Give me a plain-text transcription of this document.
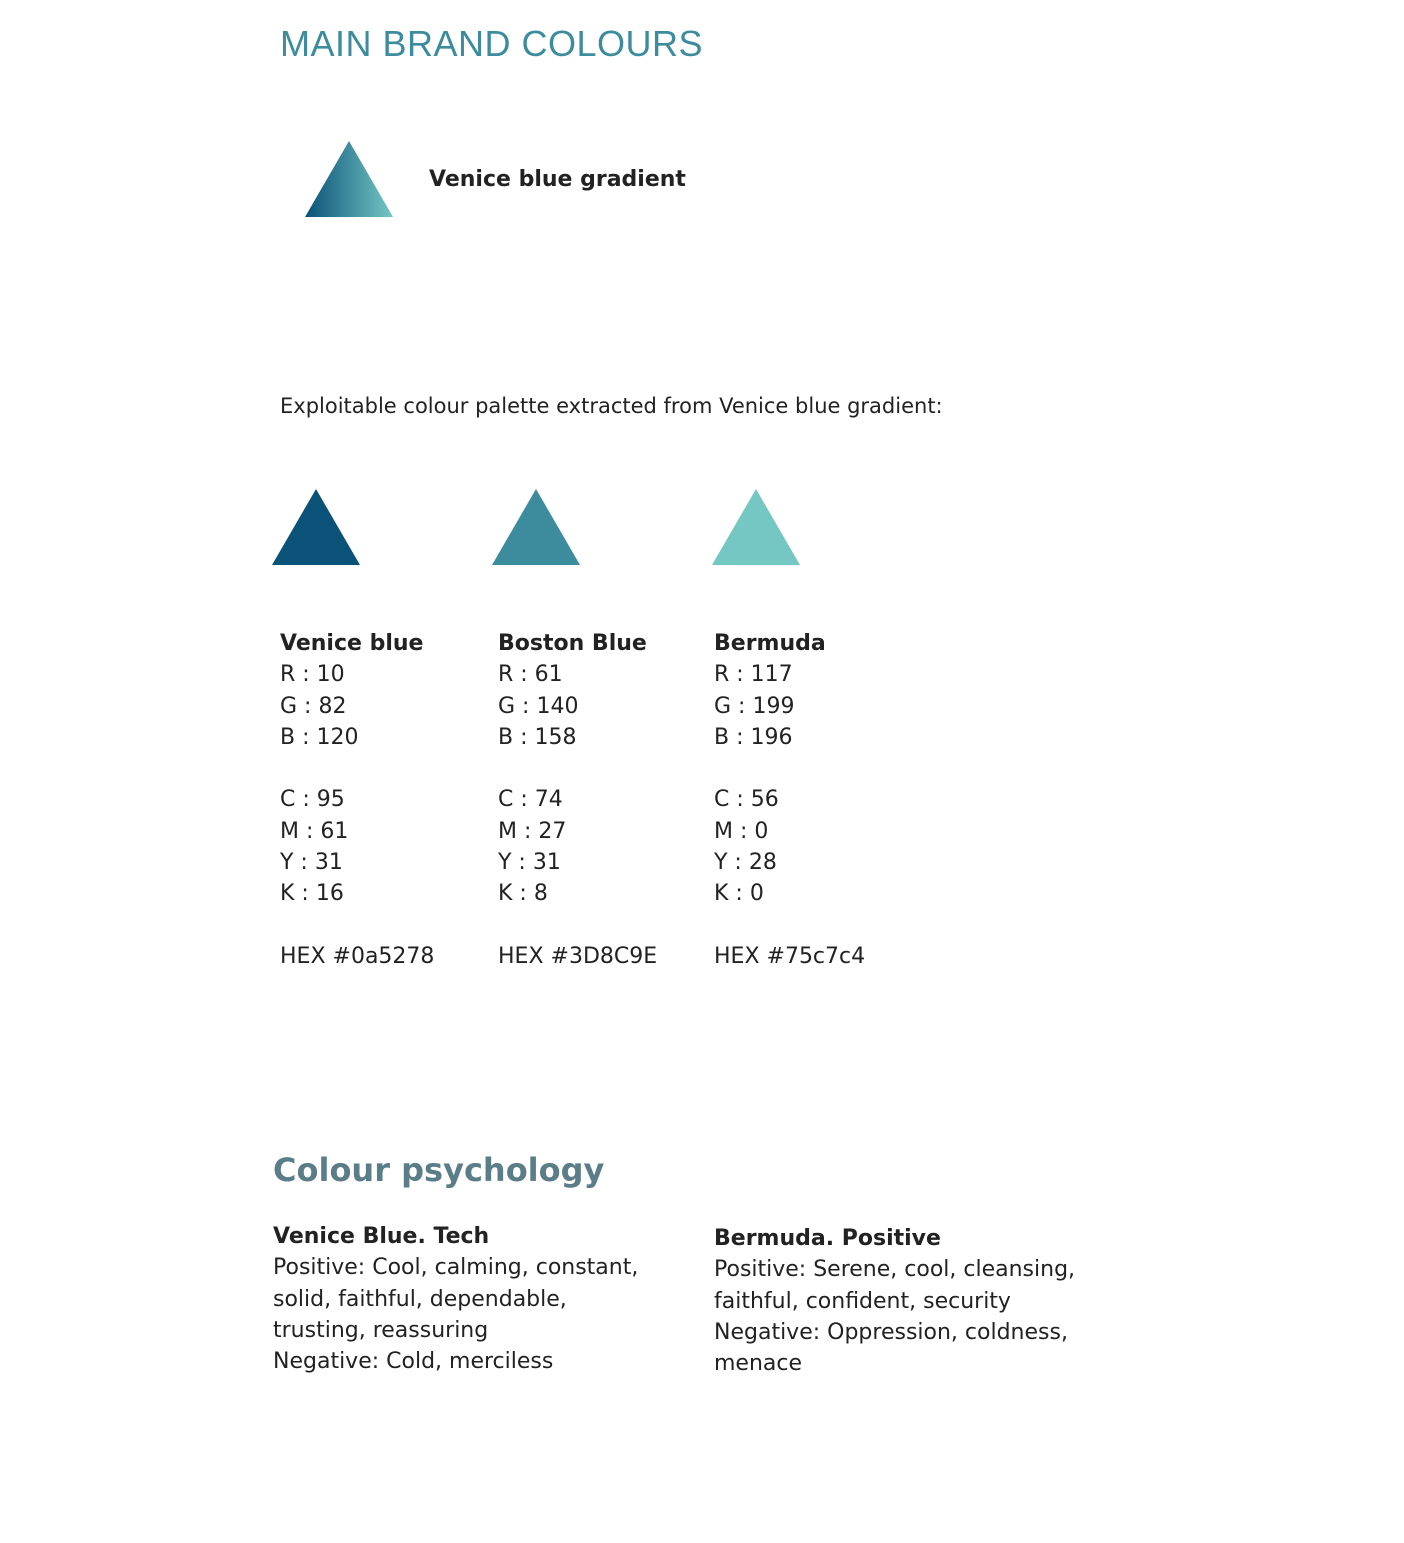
MAIN BRAND COLOURS
Venice blue gradient
Exploitable colour palette extracted from Venice blue gradient:
Venice blue
R : 10
G : 82
B : 120
C : 95
M : 61
Y : 31
K : 16
HEX #0a5278
Boston Blue
R : 61
G : 140
B : 158
C : 74
M : 27
Y : 31
K : 8
HEX #3D8C9E
Bermuda
R : 117
G : 199
B : 196
C : 56
M : 0
Y : 28
K : 0
HEX #75c7c4
Colour psychology
Venice Blue. Tech
Positive: Cool, calming, constant,
solid, faithful, dependable,
trusting, reassuring
Negative: Cold, merciless
Bermuda. Positive
Positive: Serene, cool, cleansing,
faithful, confident, security
Negative: Oppression, coldness,
menace
